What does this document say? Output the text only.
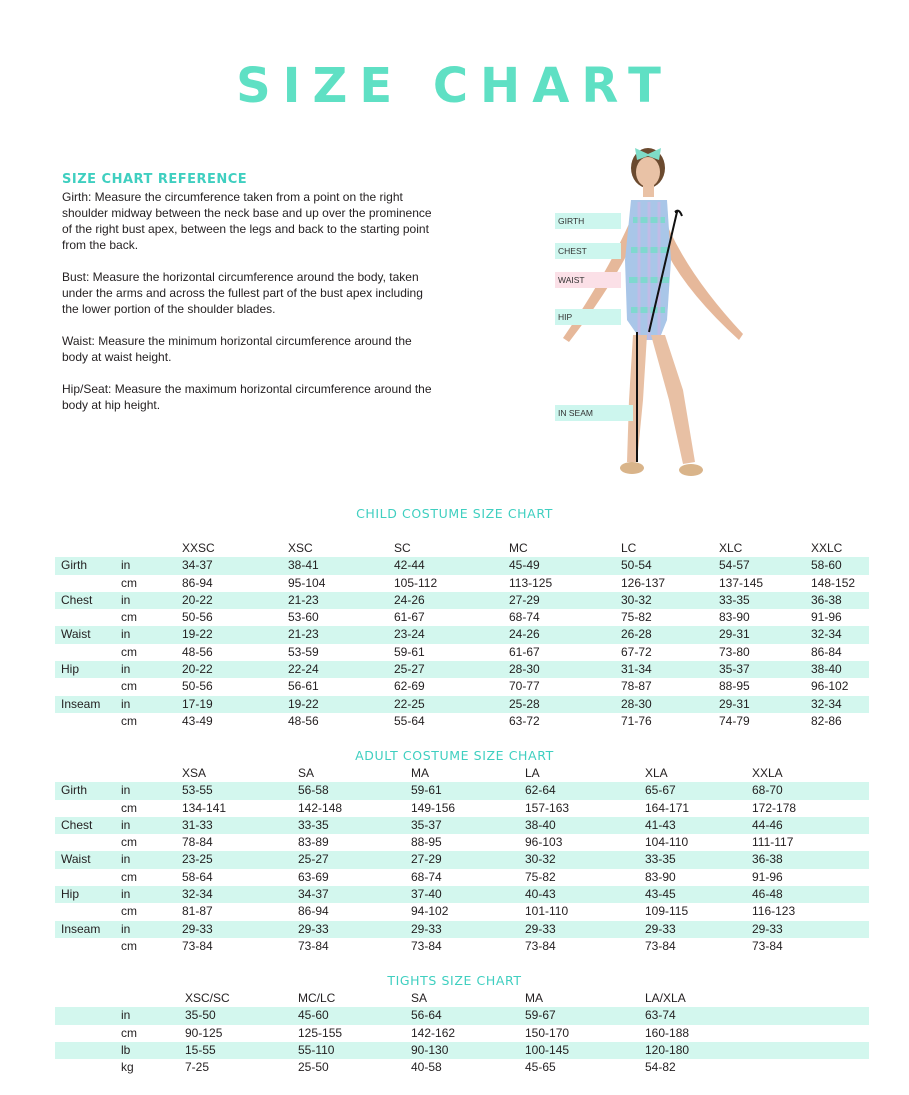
SIZE CHART
SIZE CHART REFERENCE

Girth: Measure the circumference taken from a point on the right shoulder midway between the neck base and up over the prominence of the right bust apex, between the legs and back to the starting point from the back.

Bust: Measure the horizontal circumference around the body, taken under the arms and across the fullest part of the bust apex including the lower portion of the shoulder blades.

Waist: Measure the minimum horizontal circumference around the body at waist height.

Hip/Seat: Measure the maximum horizontal circumference around the body at hip height.

GIRTH
CHEST
WAIST
HIP
IN SEAM
CHILD COSTUME SIZE CHART
XXSC	XSC	SC	MC	LC	XLC	XXLC
Girth	in	34-37	38-41	42-44	45-49	50-54	54-57	58-60
cm	86-94	95-104	105-112	113-125	126-137	137-145	148-152
Chest in	20-22	21-23	24-26	27-29	30-32	33-35	36-38
cm	50-56	53-60	61-67	68-74	75-82	83-90	91-96
Waist	in	19-22	21-23	23-24	24-26	26-28	29-31	32-34
cm	48-56	53-59	59-61	61-67	67-72	73-80	86-84
Hip	in	20-22	22-24	25-27	28-30	31-34	35-37	38-40
cm	50-56	56-61	62-69	70-77	78-87	88-95	96-102
Inseam in	17-19	19-22	22-25	25-28	28-30	29-31	32-34
cm	43-49	48-56	55-64	63-72	71-76	74-79	82-86
ADULT COSTUME SIZE CHART
XSA	SA	MA	LA	XLA	XXLA
Girth	in	53-55	56-58	59-61	62-64	65-67	68-70
cm	134-141	142-148	149-156	157-163	164-171	172-178
Chest in	31-33	33-35	35-37	38-40	41-43	44-46
cm	78-84	83-89	88-95	96-103	104-110	111-117
Waist	in	23-25	25-27	27-29	30-32	33-35	36-38
cm	58-64	63-69	68-74	75-82	83-90	91-96
Hip	in	32-34	34-37	37-40	40-43	43-45	46-48
cm	81-87	86-94	94-102	101-110	109-115	116-123
Inseam in	29-33	29-33	29-33	29-33	29-33	29-33
cm	73-84	73-84	73-84	73-84	73-84	73-84
TIGHTS SIZE CHART
XSC/SC	MC/LC	SA	MA	LA/XLA
in	35-50	45-60	56-64	59-67	63-74
cm	90-125	125-155	142-162	150-170	160-188
lb	15-55	55-110	90-130	100-145	120-180
kg	7-25	25-50	40-58	45-65	54-82
